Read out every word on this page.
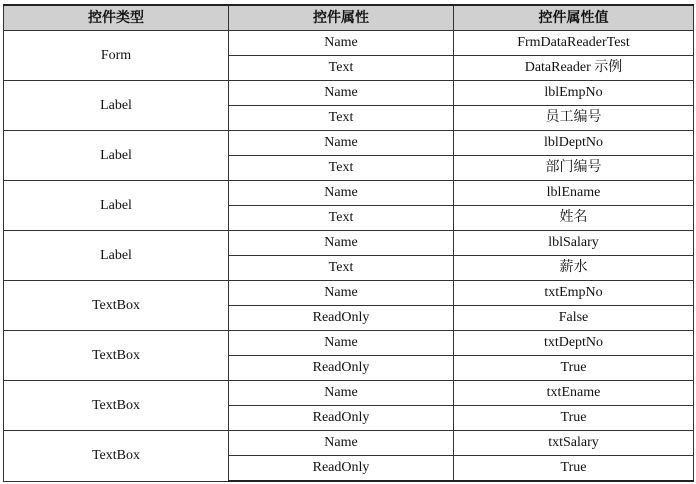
控件类型	控件属性	控件属性值
Form	Name	FrmDataReaderTest
	Text	DataReader 示例
Label	Name	lblEmpNo
	Text	员工编号
Label	Name	lblDeptNo
	Text	部门编号
Label	Name	lblEname
	Text	姓名
Label	Name	lblSalary
	Text	薪水
TextBox	Name	txtEmpNo
	ReadOnly	False
TextBox	Name	txtDeptNo
	ReadOnly	True
TextBox	Name	txtEname
	ReadOnly	True
TextBox	Name	txtSalary
	ReadOnly	True
